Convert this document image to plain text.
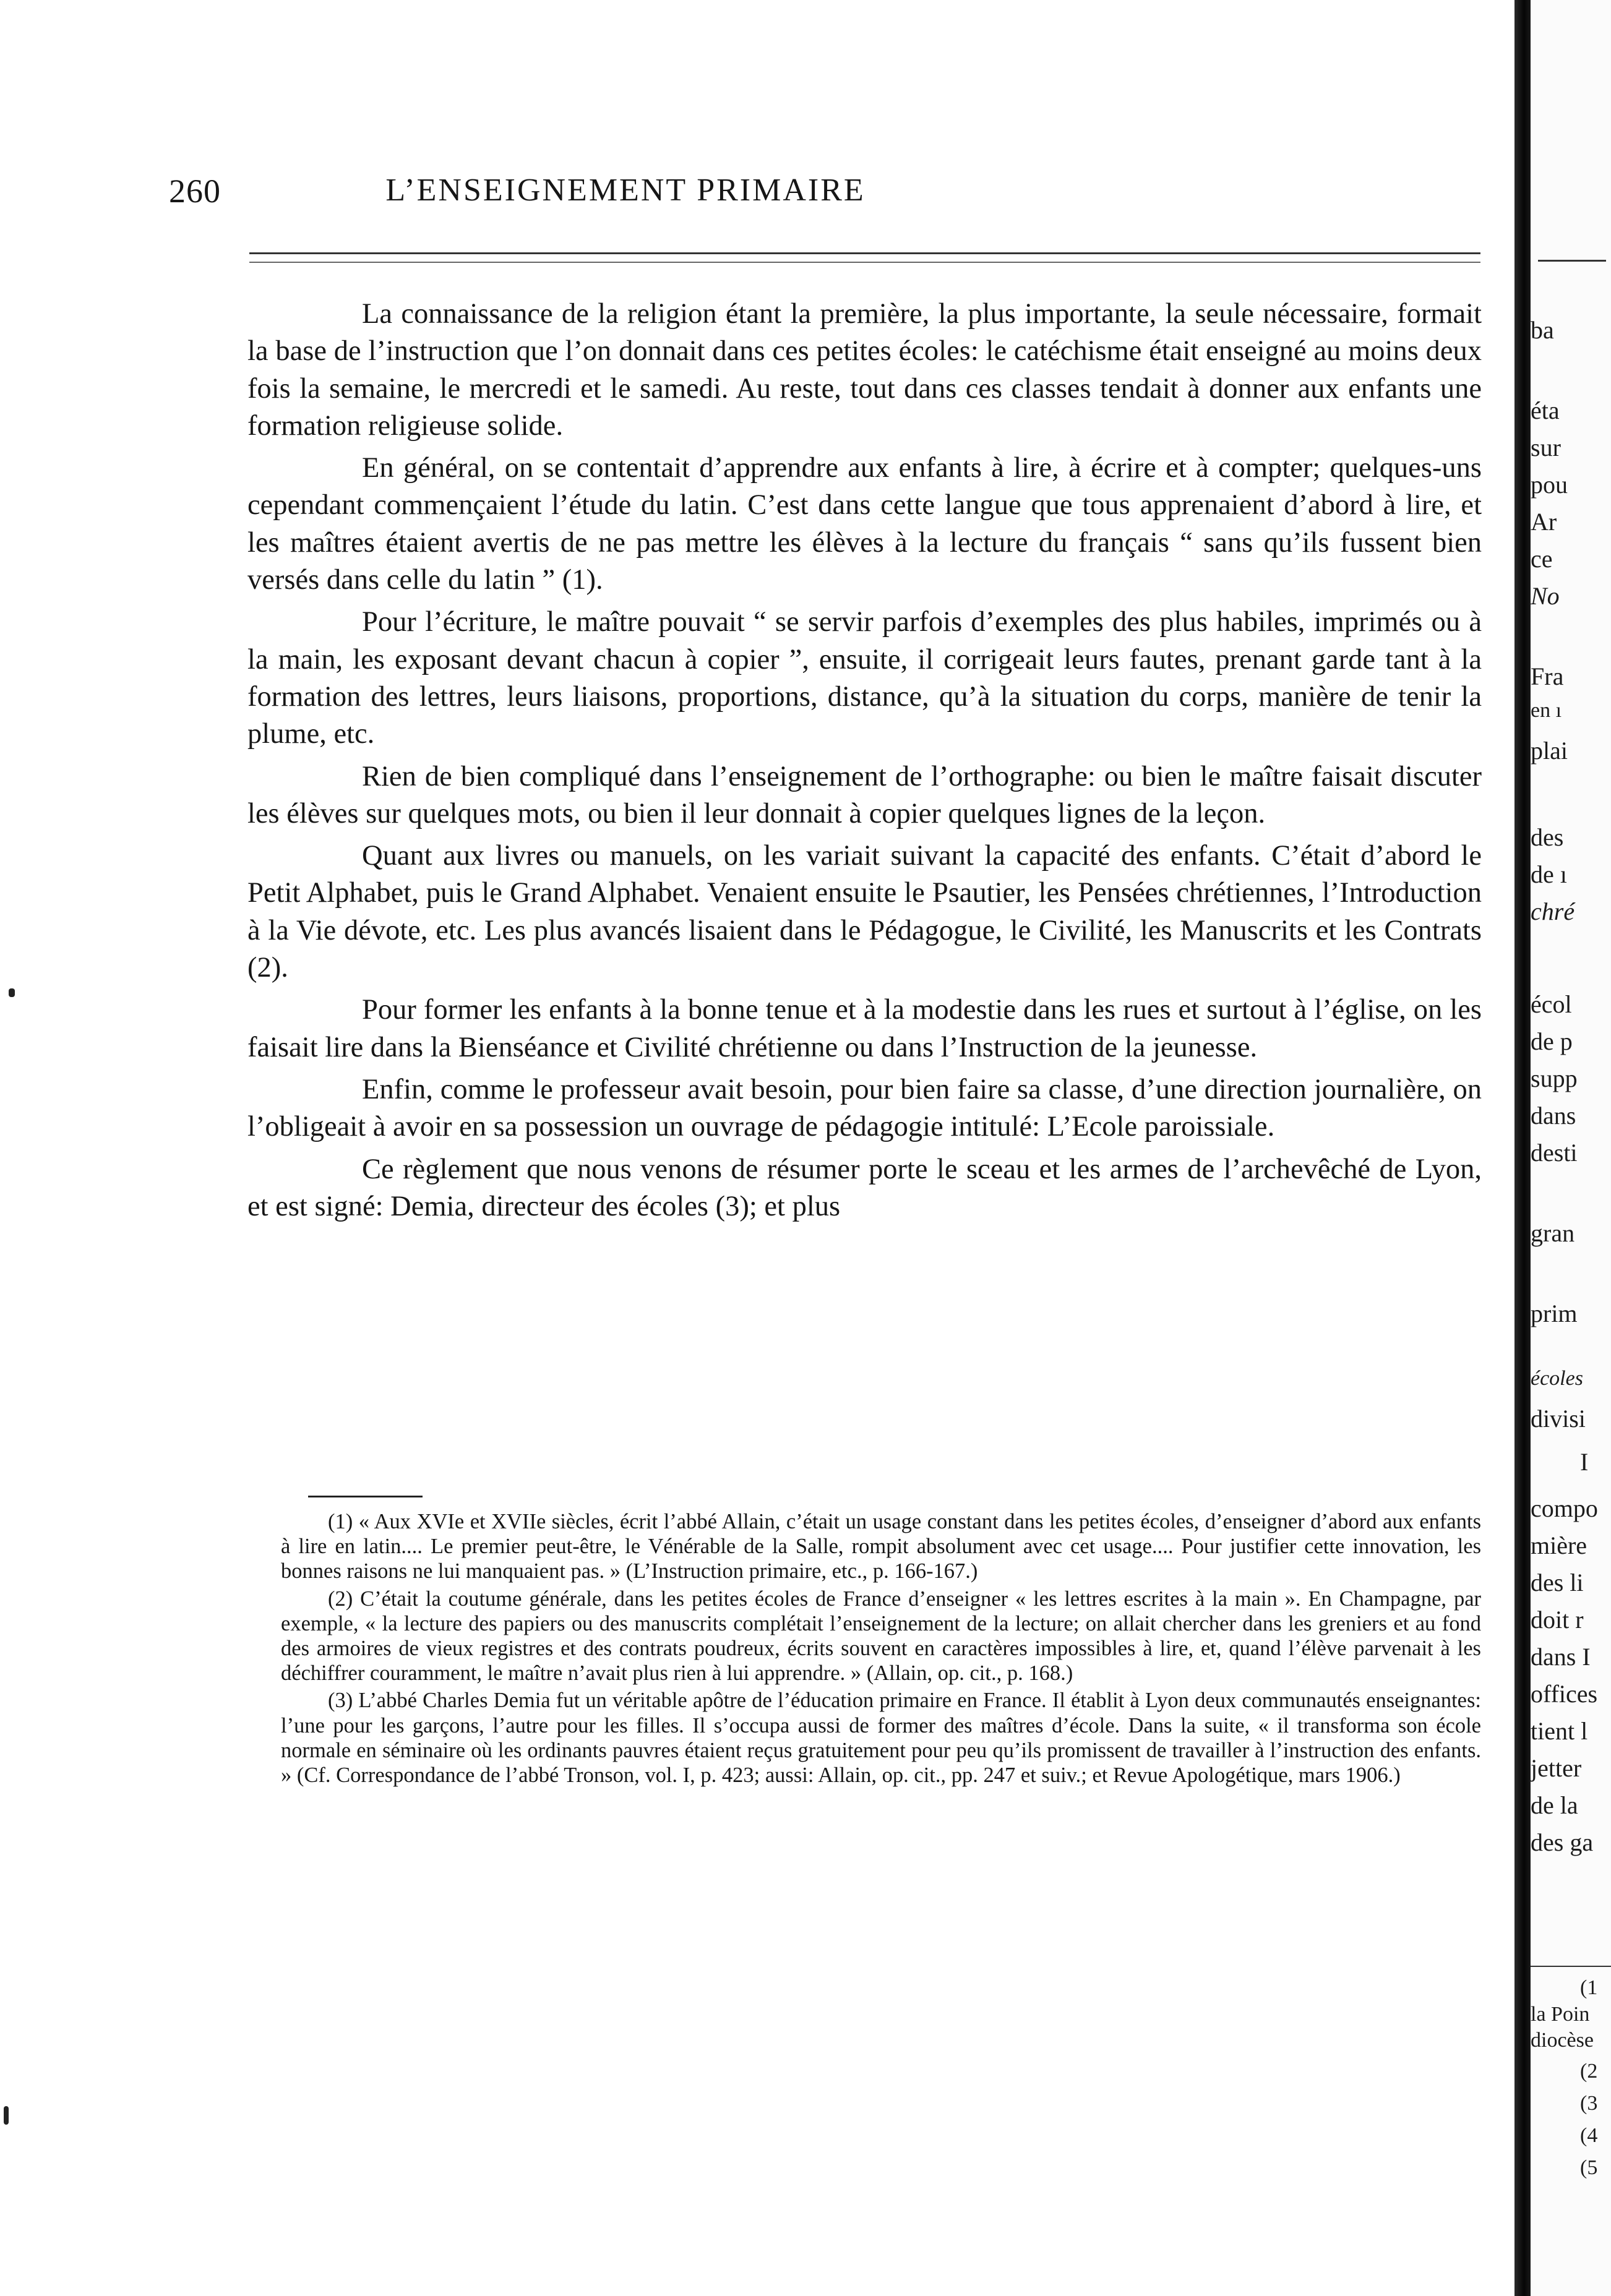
260	L’ENSEIGNEMENT PRIMAIRE

La connaissance de la religion étant la première, la plus importante, la seule nécessaire, formait la base de l’instruction que l’on donnait dans ces petites écoles: le catéchisme était enseigné au moins deux fois la semaine, le mercredi et le samedi. Au reste, tout dans ces classes tendait à donner aux enfants une formation religieuse solide.

En général, on se contentait d’apprendre aux enfants à lire, à écrire et à compter; quelques-uns cependant commençaient l’étude du latin. C’est dans cette langue que tous apprenaient d’abord à lire, et les maîtres étaient avertis de ne pas mettre les élèves à la lecture du français “ sans qu’ils fussent bien versés dans celle du latin ” (1).

Pour l’écriture, le maître pouvait “ se servir parfois d’exemples des plus habiles, imprimés ou à la main, les exposant devant chacun à copier ”, ensuite, il corrigeait leurs fautes, prenant garde tant à la formation des lettres, leurs liaisons, proportions, distance, qu’à la situation du corps, manière de tenir la plume, etc.

Rien de bien compliqué dans l’enseignement de l’orthographe: ou bien le maître faisait discuter les élèves sur quelques mots, ou bien il leur donnait à copier quelques lignes de la leçon.

Quant aux livres ou manuels, on les variait suivant la capacité des enfants. C’était d’abord le Petit Alphabet, puis le Grand Alphabet. Venaient ensuite le Psautier, les Pensées chrétiennes, l’Introduction à la Vie dévote, etc. Les plus avancés lisaient dans le Pédagogue, le Civilité, les Manuscrits et les Contrats (2).

Pour former les enfants à la bonne tenue et à la modestie dans les rues et surtout à l’église, on les faisait lire dans la Bienséance et Civilité chrétienne ou dans l’Instruction de la jeunesse.

Enfin, comme le professeur avait besoin, pour bien faire sa classe, d’une direction journalière, on l’obligeait à avoir en sa possession un ouvrage de pédagogie intitulé: L’Ecole paroissiale.

Ce règlement que nous venons de résumer porte le sceau et les armes de l’archevêché de Lyon, et est signé: Demia, directeur des écoles (3); et plus

(1) « Aux XVIe et XVIIe siècles, écrit l’abbé Allain, c’était un usage constant dans les petites écoles, d’enseigner d’abord aux enfants à lire en latin.... Le premier peut-être, le Vénérable de la Salle, rompit absolument avec cet usage.... Pour justifier cette innovation, les bonnes raisons ne lui manquaient pas. » (L’Instruction primaire, etc., p. 166-167.)

(2) C’était la coutume générale, dans les petites écoles de France d’enseigner « les lettres escrites à la main ». En Champagne, par exemple, « la lecture des papiers ou des manuscrits complétait l’enseignement de la lecture; on allait chercher dans les greniers et au fond des armoires de vieux registres et des contrats poudreux, écrits souvent en caractères impossibles à lire, et, quand l’élève parvenait à les déchiffrer couramment, le maître n’avait plus rien à lui apprendre. » (Allain, op. cit., p. 168.)

(3) L’abbé Charles Demia fut un véritable apôtre de l’éducation primaire en France. Il établit à Lyon deux communautés enseignantes: l’une pour les garçons, l’autre pour les filles. Il s’occupa aussi de former des maîtres d’école. Dans la suite, « il transforma son école normale en séminaire où les ordinants pauvres étaient reçus gratuitement pour peu qu’ils promissent de travailler à l’instruction des enfants. » (Cf. Correspondance de l’abbé Tronson, vol. I, p. 423; aussi: Allain, op. cit., pp. 247 et suiv.; et Revue Apologétique, mars 1906.)

ba
éta
sur
pou
Ar
ce
No
Fra
en ı
plai
des
de ı
chré
écol
de p
supp
dans
desti
gran
prim
écoles
divisi
I
compo
mière
des li
doit r
dans I
offices
tient l
jetter
de la
des ga
(1
la Poin
diocèse
(2
(3
(4
(5
